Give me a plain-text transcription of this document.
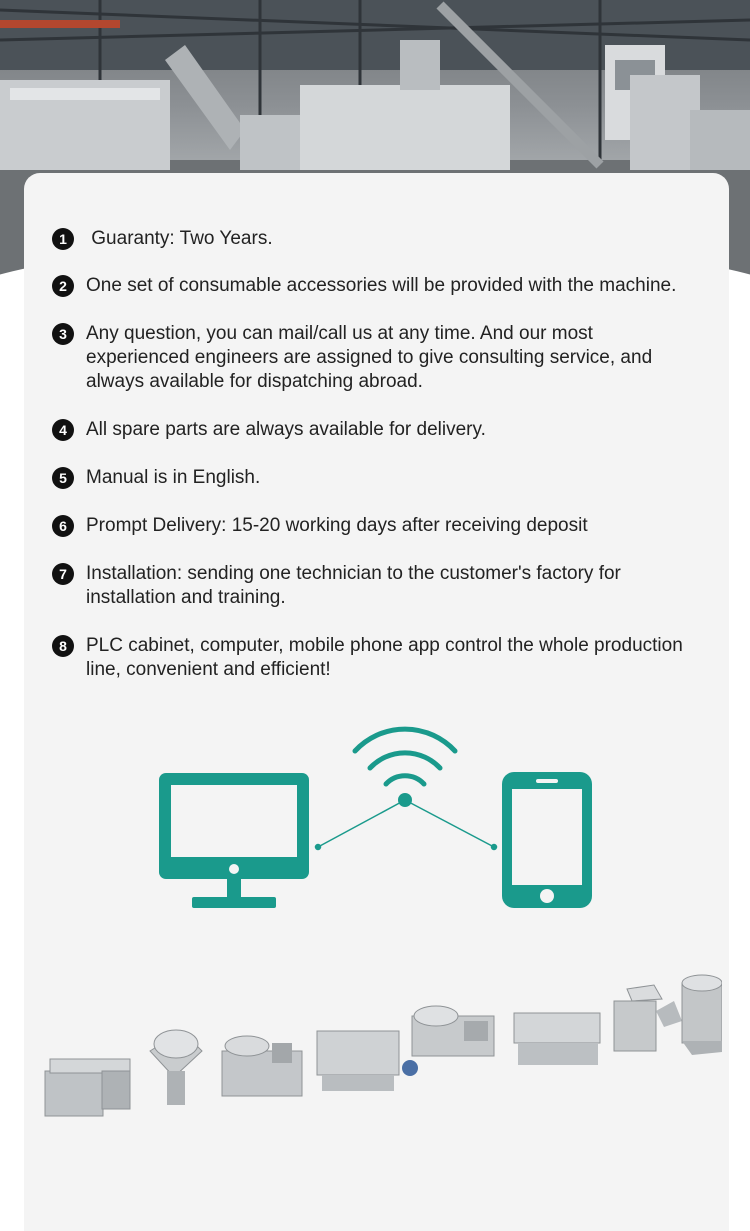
1	Guaranty: Two Years.
2	One set of consumable accessories will be provided with the machine.
3	Any question, you can mail/call us at any time. And our most experienced engineers are assigned to give consulting service, and always available for dispatching abroad.
4	All spare parts are always available for delivery.
5	Manual is in English.
6	Prompt Delivery: 15-20 working days after receiving deposit
7	Installation: sending one technician to the customer's factory for installation and training.
8	PLC cabinet, computer, mobile phone app control the whole production line, convenient and efficient!
